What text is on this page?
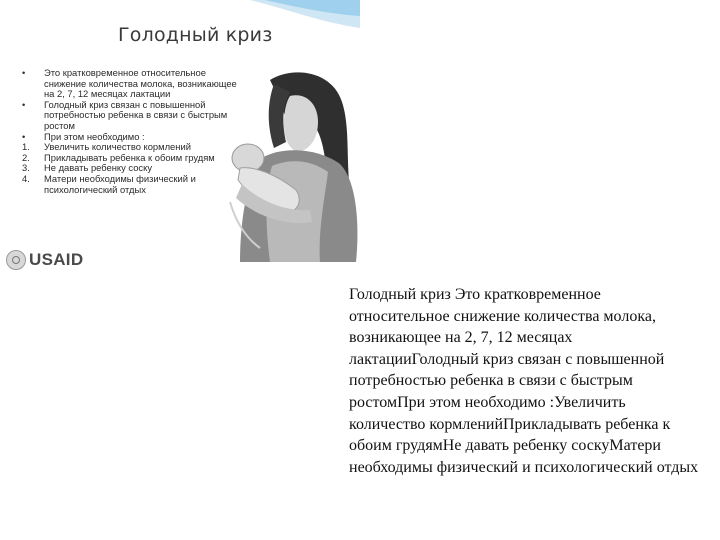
Голодный криз
•	Это кратковременное относительное снижение количества молока, возникающее на 2, 7, 12 месяцах лактации
•	Голодный криз связан с повышенной потребностью ребенка в связи с быстрым ростом
•	При этом необходимо :
1.	Увеличить количество кормлений
2.	Прикладывать ребенка к обоим грудям
3.	Не давать ребенку соску
4.	Матери необходимы физический и психологический отдых
USAID

Голодный криз Это кратковременное относительное снижение количества молока, возникающее на 2, 7, 12 месяцах лактацииГолодный криз связан с повышенной потребностью ребенка в связи с быстрым ростомПри этом необходимо :Увеличить количество кормленийПрикладывать ребенка к обоим грудямНе давать ребенку соскуМатери необходимы физический и психологический отдых
